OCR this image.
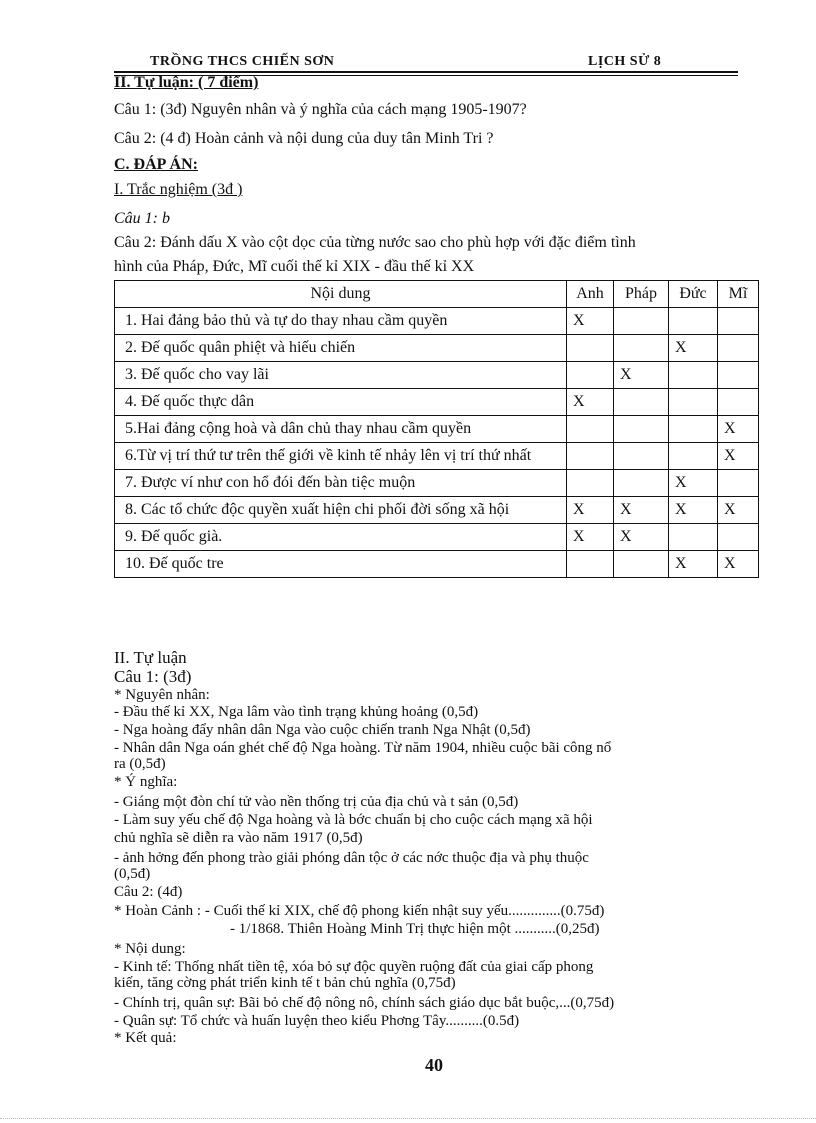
TRỒNG THCS CHIẾN SƠN	LỊCH SỬ 8
II. Tự luận: ( 7 điểm)
Câu 1: (3đ) Nguyên nhân và ý nghĩa của cách mạng 1905-1907?
Câu 2: (4 đ) Hoàn cảnh và nội dung của duy tân Minh Tri ?
C. ĐÁP ÁN:
I. Trắc nghiệm (3đ )
Câu 1: b
Câu 2: Đánh dấu X vào cột dọc của từng nước sao cho phù hợp với đặc điểm tình
hình của Pháp, Đức, Mĩ cuối thế kỉ XIX - đầu thế kỉ XX
Nội dung	Anh	Pháp	Đức	Mĩ
1. Hai đảng bảo thủ và tự do thay nhau cầm quyền	X			
2. Đế quốc quân phiệt và hiếu chiến			X	
3. Đế quốc cho vay lãi		X		
4. Đế quốc thực dân	X			
5.Hai đảng cộng hoà và dân chủ thay nhau cầm quyền				X
6.Từ vị trí thứ tư trên thế giới về kinh tế nhảy lên vị trí thứ nhất				X
7. Được ví như con hổ đói đến bàn tiệc muộn			X	
8. Các tổ chức độc quyền xuất hiện chi phối đời sống xã hội	X	X	X	X
9. Đế quốc già.	X	X		
10. Đế quốc tre			X	X
II. Tự luận
Câu 1: (3đ)
* Nguyên nhân:
- Đầu thế kỉ XX, Nga lâm vào tình trạng khủng hoảng (0,5đ)
- Nga hoàng đẩy nhân dân Nga vào cuộc chiến tranh Nga Nhật (0,5đ)
- Nhân dân Nga oán ghét chế độ Nga hoàng. Từ năm 1904, nhiều cuộc bãi công nổ
ra (0,5đ)
* Ý nghĩa:
- Giáng một đòn chí tử vào nền thống trị của địa chủ và t sản (0,5đ)
- Làm suy yếu chế độ Nga hoàng và là bớc chuẩn bị cho cuộc cách mạng xã hội
chủ nghĩa sẽ diễn ra vào năm 1917 (0,5đ)
- ảnh hởng đến phong trào giải phóng dân tộc ở các nớc thuộc địa và phụ thuộc
(0,5đ)
Câu 2: (4đ)
* Hoàn Cảnh : - Cuối thế kỉ XIX, chế độ phong kiến nhật suy yếu..............(0.75đ)
- 1/1868. Thiên Hoàng Minh Trị thực hiện một ...........(0,25đ)
* Nội dung:
- Kinh tế: Thống nhất tiền tệ, xóa bỏ sự độc quyền ruộng đất của giai cấp phong
kiến, tăng cờng phát triển kinh tế t bản chủ nghĩa (0,75đ)
- Chính trị, quân sự: Bãi bỏ chế độ nông nô, chính sách giáo dục bắt buộc,...(0,75đ)
- Quân sự: Tổ chức và huấn luyện theo kiểu Phơng Tây..........(0.5đ)
* Kết quả:
40
